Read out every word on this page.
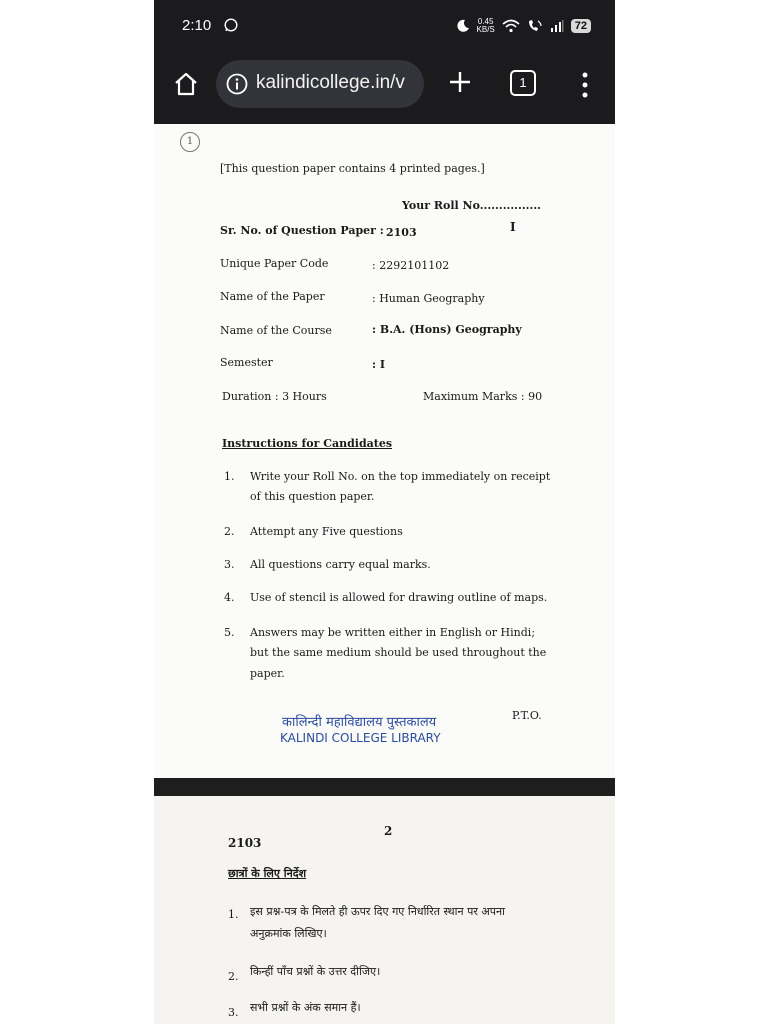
2:10	0.45
KB/S	72
kalindicollege.in/v	1
1
[This question paper contains 4 printed pages.]
Your Roll No................
Sr. No. of Question Paper : 2103	I
Unique Paper Code	: 2292101102
Name of the Paper	: Human Geography
Name of the Course	: B.A. (Hons) Geography
Semester	: I
Duration : 3 Hours	Maximum Marks : 90
Instructions for Candidates
1. Write your Roll No. on the top immediately on receipt
of this question paper.
2. Attempt any Five questions
3. All questions carry equal marks.
4. Use of stencil is allowed for drawing outline of maps.
5. Answers may be written either in English or Hindi;
but the same medium should be used throughout the
paper.
कालिन्दी महाविद्यालय पुस्तकालय
KALINDI COLLEGE LIBRARY
P.T.O.
2103
2
छात्रों के लिए निर्देश
1. इस प्रश्न-पत्र के मिलते ही ऊपर दिए गए निर्धारित स्थान पर अपना
अनुक्रमांक लिखिए।
2. किन्हीं पाँच प्रश्नों के उत्तर दीजिए।
3. सभी प्रश्नों के अंक समान हैं।
